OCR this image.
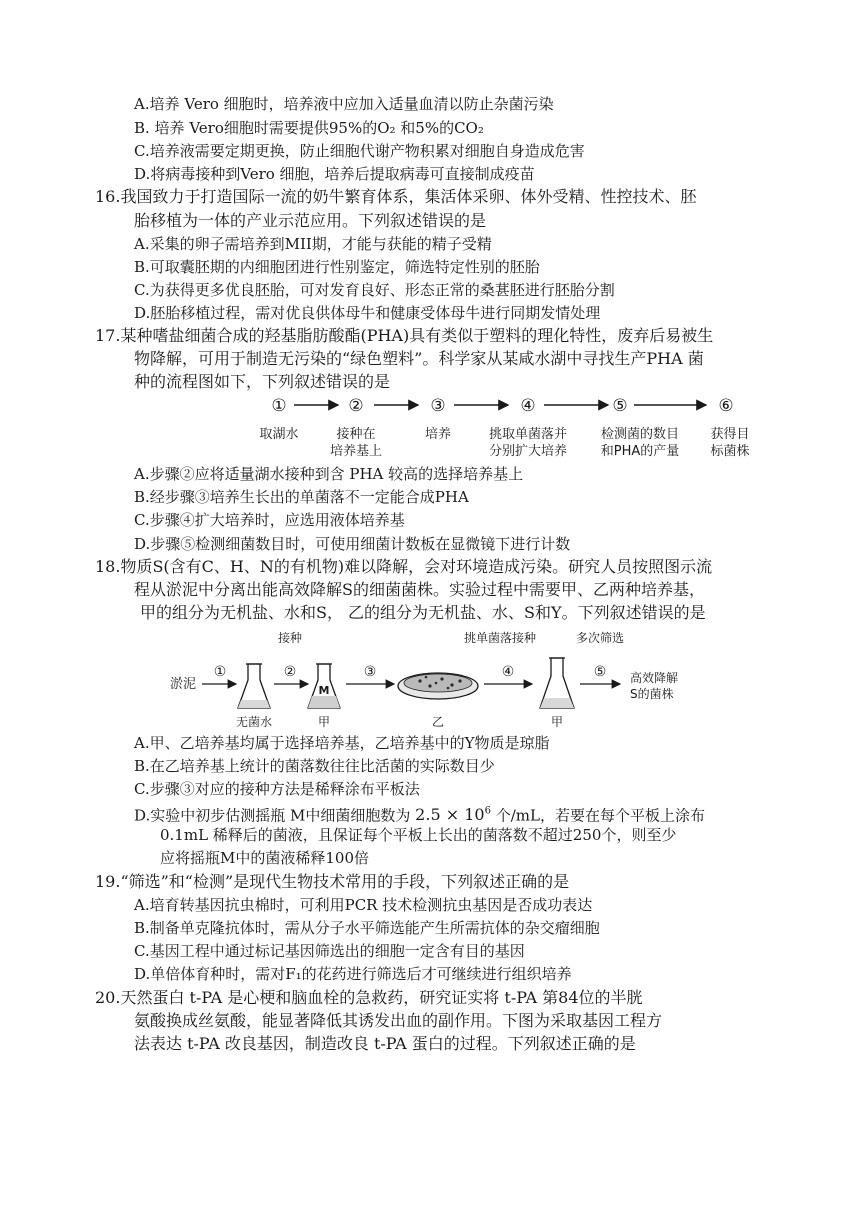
A.培养 Vero 细胞时，培养液中应加入适量血清以防止杂菌污染
B. 培养 Vero细胞时需要提供95%的O₂ 和5%的CO₂
C.培养液需要定期更换，防止细胞代谢产物积累对细胞自身造成危害
D.将病毒接种到Vero 细胞，培养后提取病毒可直接制成疫苗
16.我国致力于打造国际一流的奶牛繁育体系，集活体采卵、体外受精、性控技术、胚
胎移植为一体的产业示范应用。下列叙述错误的是
A.采集的卵子需培养到MII期，才能与获能的精子受精
B.可取囊胚期的内细胞团进行性别鉴定，筛选特定性别的胚胎
C.为获得更多优良胚胎，可对发育良好、形态正常的桑葚胚进行胚胎分割
D.胚胎移植过程，需对优良供体母牛和健康受体母牛进行同期发情处理
17.某种嗜盐细菌合成的羟基脂肪酸酯(PHA)具有类似于塑料的理化特性，废弃后易被生
物降解，可用于制造无污染的“绿色塑料”。科学家从某咸水湖中寻找生产PHA 菌
种的流程图如下，下列叙述错误的是
①	②	③	④	⑤	⑥
取湖水	接种在
培养基上
培养	挑取单菌落并
分别扩大培养
检测菌的数目
和PHA的产量
获得目
标菌株
A.步骤②应将适量湖水接种到含 PHA 较高的选择培养基上
B.经步骤③培养生长出的单菌落不一定能合成PHA
C.步骤④扩大培养时，应选用液体培养基
D.步骤⑤检测细菌数目时，可使用细菌计数板在显微镜下进行计数
18.物质S(含有C、H、N的有机物)难以降解，会对环境造成污染。研究人员按照图示流
程从淤泥中分离出能高效降解S的细菌菌株。实验过程中需要甲、乙两种培养基，
甲的组分为无机盐、水和S， 乙的组分为无机盐、水、S和Y。下列叙述错误的是
接种	挑单菌落接种	多次筛选
淤泥
①	②	③	④	⑤
M
高效降解
S的菌株
无菌水	甲	乙	甲
A.甲、乙培养基均属于选择培养基，乙培养基中的Y物质是琼脂
B.在乙培养基上统计的菌落数往往比活菌的实际数目少
C.步骤③对应的接种方法是稀释涂布平板法
D.实验中初步估测摇瓶 M中细菌细胞数为 $2.5 \times 10^6$ 个/mL，若要在每个平板上涂布
0.1mL 稀释后的菌液，且保证每个平板上长出的菌落数不超过250个，则至少
应将摇瓶M中的菌液稀释100倍
19.“筛选”和“检测”是现代生物技术常用的手段，下列叙述正确的是
A.培育转基因抗虫棉时，可利用PCR 技术检测抗虫基因是否成功表达
B.制备单克隆抗体时，需从分子水平筛选能产生所需抗体的杂交瘤细胞
C.基因工程中通过标记基因筛选出的细胞一定含有目的基因
D.单倍体育种时，需对F₁的花药进行筛选后才可继续进行组织培养
20.天然蛋白 t-PA 是心梗和脑血栓的急救药，研究证实将 t-PA 第84位的半胱
氨酸换成丝氨酸，能显著降低其诱发出血的副作用。下图为采取基因工程方
法表达 t-PA 改良基因，制造改良 t-PA 蛋白的过程。下列叙述正确的是
